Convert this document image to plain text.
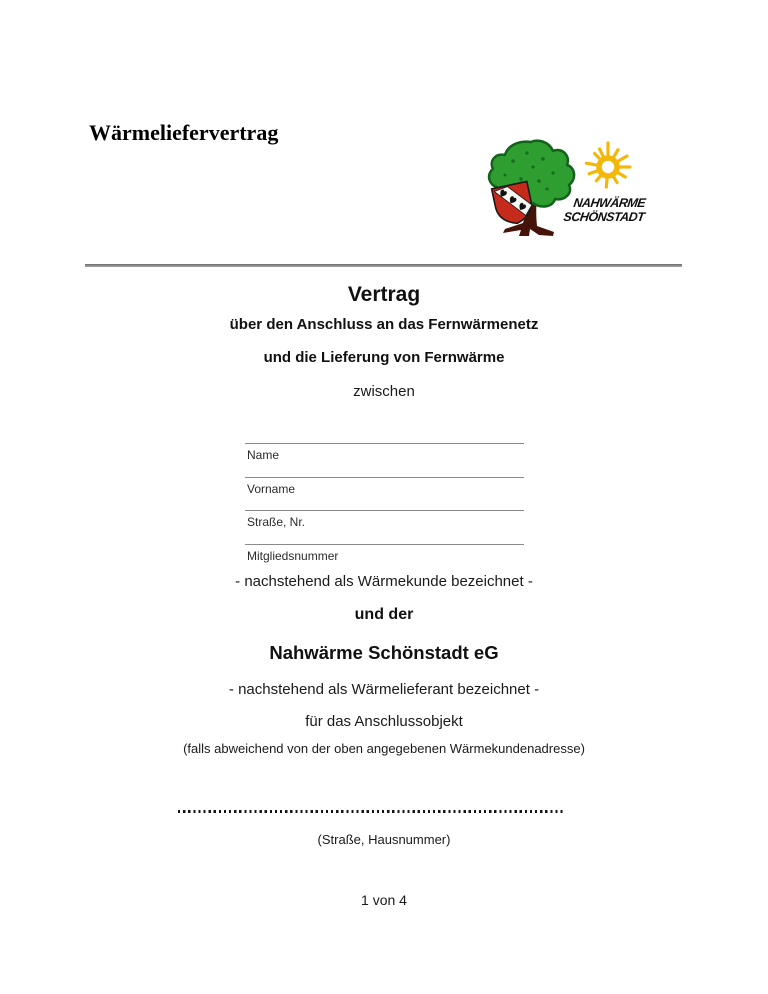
Wärmeliefervertrag
NAHWÄRME
SCHÖNSTADT
Vertrag
über den Anschluss an das Fernwärmenetz
und die Lieferung von Fernwärme
zwischen
Name
Vorname
Straße, Nr.
Mitgliedsnummer
- nachstehend als Wärmekunde bezeichnet -
und der
Nahwärme Schönstadt eG
- nachstehend als Wärmelieferant bezeichnet -
für das Anschlussobjekt
(falls abweichend von der oben angegebenen Wärmekundenadresse)
(Straße, Hausnummer)
1 von 4
